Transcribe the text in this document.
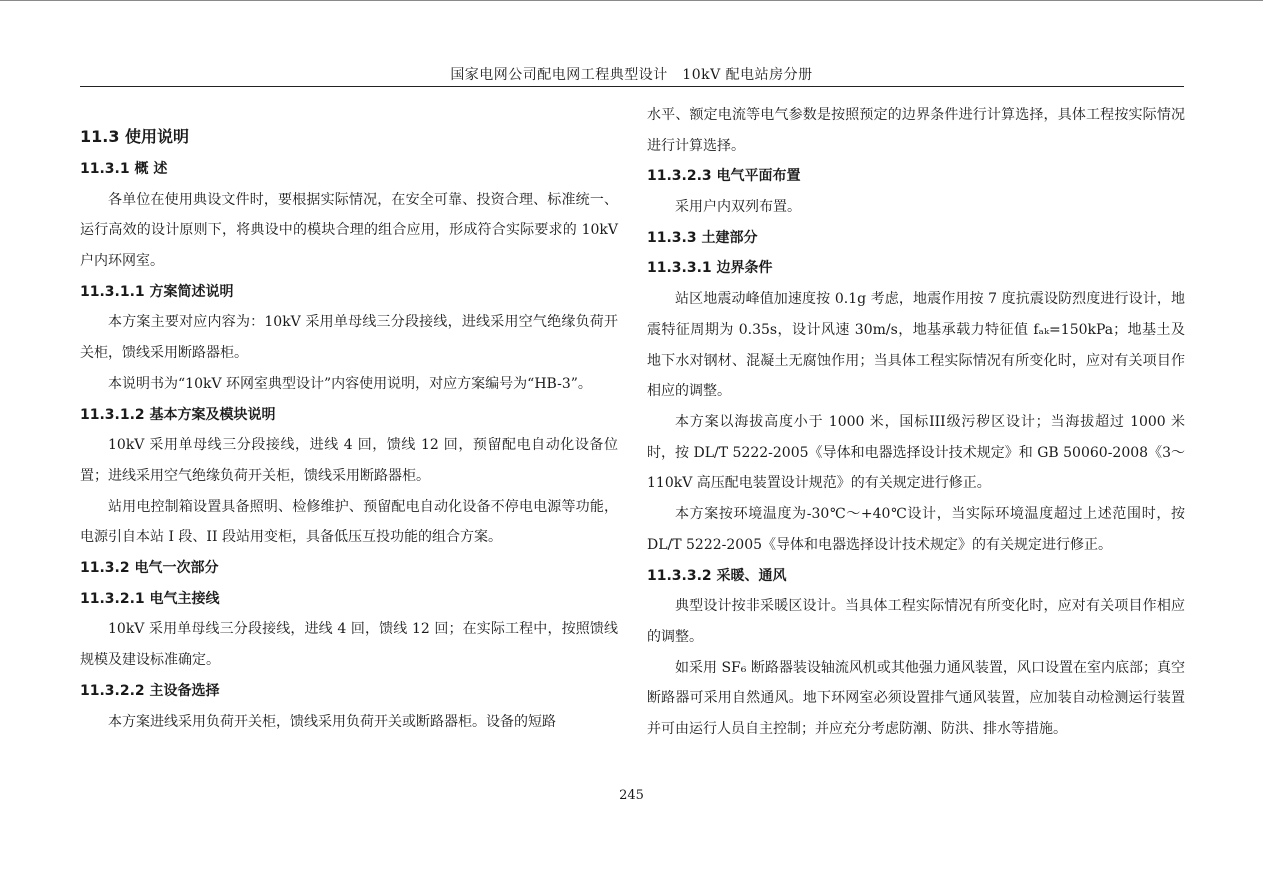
国家电网公司配电网工程典型设计　10kV 配电站房分册
11.3 使用说明
11.3.1 概 述

各单位在使用典设文件时，要根据实际情况，在安全可靠、投资合理、标准统一、运行高效的设计原则下，将典设中的模块合理的组合应用，形成符合实际要求的 10kV 户内环网室。

11.3.1.1 方案简述说明

本方案主要对应内容为：10kV 采用单母线三分段接线，进线采用空气绝缘负荷开关柜，馈线采用断路器柜。

本说明书为“10kV 环网室典型设计”内容使用说明，对应方案编号为“HB-3”。

11.3.1.2 基本方案及模块说明

10kV 采用单母线三分段接线，进线 4 回，馈线 12 回，预留配电自动化设备位置；进线采用空气绝缘负荷开关柜，馈线采用断路器柜。

站用电控制箱设置具备照明、检修维护、预留配电自动化设备不停电电源等功能，电源引自本站 I 段、II 段站用变柜，具备低压互投功能的组合方案。

11.3.2 电气一次部分
11.3.2.1 电气主接线

10kV 采用单母线三分段接线，进线 4 回，馈线 12 回；在实际工程中，按照馈线规模及建设标准确定。

11.3.2.2 主设备选择

本方案进线采用负荷开关柜，馈线采用负荷开关或断路器柜。设备的短路

水平、额定电流等电气参数是按照预定的边界条件进行计算选择，具体工程按实际情况进行计算选择。

11.3.2.3 电气平面布置

采用户内双列布置。

11.3.3 土建部分
11.3.3.1 边界条件

站区地震动峰值加速度按 0.1g 考虑，地震作用按 7 度抗震设防烈度进行设计，地震特征周期为 0.35s，设计风速 30m/s，地基承载力特征值 fₐₖ=150kPa；地基土及地下水对钢材、混凝土无腐蚀作用；当具体工程实际情况有所变化时，应对有关项目作相应的调整。

本方案以海拔高度小于 1000 米，国标III级污秽区设计；当海拔超过 1000 米时，按 DL/T 5222-2005《导体和电器选择设计技术规定》和 GB 50060-2008《3～110kV 高压配电装置设计规范》的有关规定进行修正。

本方案按环境温度为-30℃～+40℃设计，当实际环境温度超过上述范围时，按 DL/T 5222-2005《导体和电器选择设计技术规定》的有关规定进行修正。

11.3.3.2 采暖、通风

典型设计按非采暖区设计。当具体工程实际情况有所变化时，应对有关项目作相应的调整。

如采用 SF₆ 断路器装设轴流风机或其他强力通风装置，风口设置在室内底部；真空断路器可采用自然通风。地下环网室必须设置排气通风装置，应加装自动检测运行装置并可由运行人员自主控制；并应充分考虑防潮、防洪、排水等措施。

245
